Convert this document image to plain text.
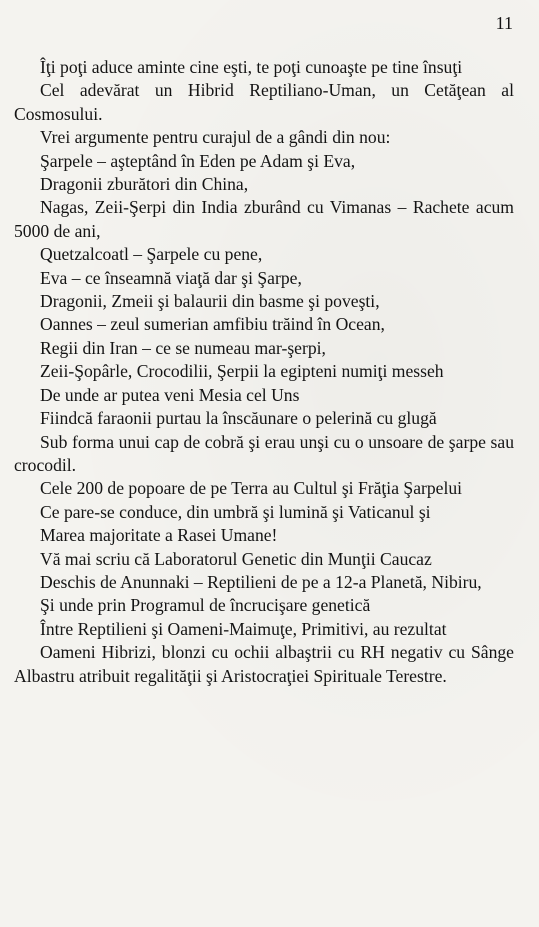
11

Îţi poţi aduce aminte cine eşti, te poţi cunoaşte pe tine însuţi

Cel adevărat un Hibrid Reptiliano-Uman, un Cetăţean al Cosmosului.

Vrei argumente pentru curajul de a gândi din nou:

Şarpele – aşteptând în Eden pe Adam şi Eva,

Dragonii zburători din China,

Nagas, Zeii-Şerpi din India zburând cu Vimanas – Rachete acum 5000 de ani,

Quetzalcoatl – Şarpele cu pene,

Eva – ce înseamnă viaţă dar şi Şarpe,

Dragonii, Zmeii şi balaurii din basme şi poveşti,

Oannes – zeul sumerian amfibiu trăind în Ocean,

Regii din Iran – ce se numeau mar-şerpi,

Zeii-Şopârle, Crocodilii, Şerpii la egipteni numiţi messeh

De unde ar putea veni Mesia cel Uns

Fiindcă faraonii purtau la înscăunare o pelerină cu glugă

Sub forma unui cap de cobră şi erau unşi cu o unsoare de şarpe sau crocodil.

Cele 200 de popoare de pe Terra au Cultul şi Frăţia Şarpelui

Ce pare-se conduce, din umbră şi lumină şi Vaticanul şi

Marea majoritate a Rasei Umane!

Vă mai scriu că Laboratorul Genetic din Munţii Caucaz

Deschis de Anunnaki – Reptilieni de pe a 12-a Planetă, Nibiru,

Şi unde prin Programul de încrucişare genetică

Între Reptilieni şi Oameni-Maimuţe, Primitivi, au rezultat

Oameni Hibrizi, blonzi cu ochii albaştrii cu RH negativ cu Sânge Albastru atribuit regalităţii şi Aristocraţiei Spirituale Terestre.
